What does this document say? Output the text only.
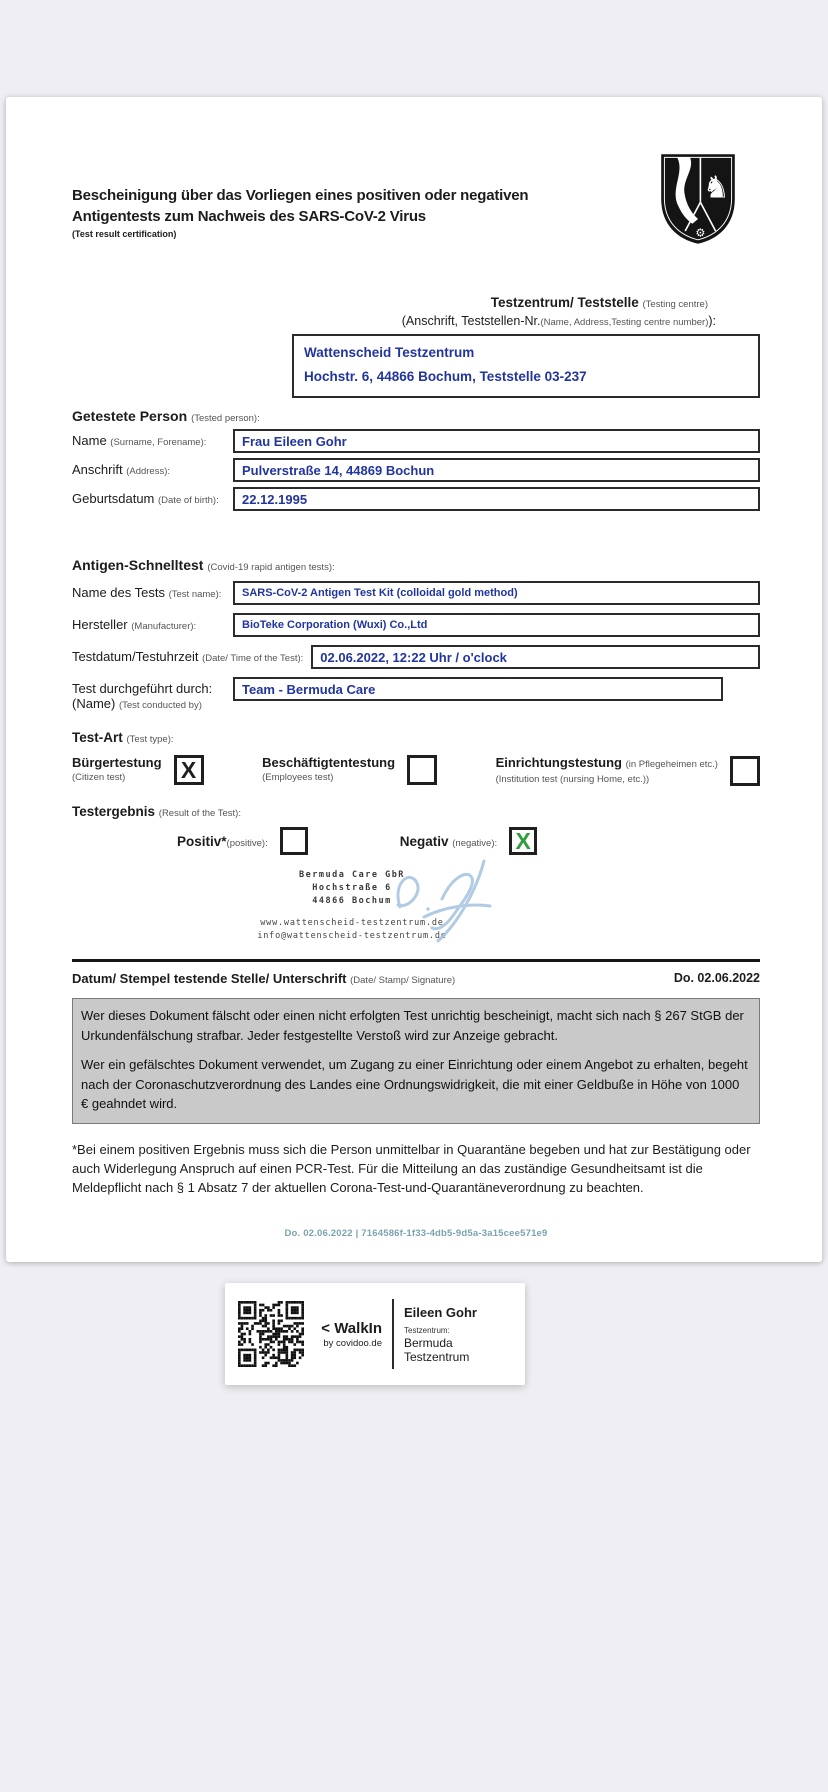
Bescheinigung über das Vorliegen eines positiven oder negativen
Antigentests zum Nachweis des SARS-CoV-2 Virus
(Test result certification)
♞
⚙
Testzentrum/ Teststelle (Testing centre)
(Anschrift, Teststellen-Nr.(Name, Address,Testing centre number)):
Wattenscheid Testzentrum
Hochstr. 6, 44866 Bochum, Teststelle 03-237
Getestete Person (Tested person):
Name (Surname, Forename):	Frau Eileen Gohr
Anschrift (Address):	Pulverstraße 14, 44869 Bochun
Geburtsdatum (Date of birth):	22.12.1995
Antigen-Schnelltest (Covid-19 rapid antigen tests):
Name des Tests (Test name):	SARS-CoV-2 Antigen Test Kit (colloidal gold method)
Hersteller (Manufacturer):	BioTeke Corporation (Wuxi) Co.,Ltd
Testdatum/Testuhrzeit (Date/ Time of the Test):	02.06.2022, 12:22 Uhr / o'clock
Test durchgeführt durch:
(Name) (Test conducted by)
Team - Bermuda Care
Test-Art (Test type):
Bürgertestung
(Citizen test)	X	Beschäftigtentestung
(Employees test)
Einrichtungstestung (in Pflegeheimen etc.)
(Institution test (nursing Home, etc.))
Testergebnis (Result of the Test):
Positiv*(positive):	Negativ (negative): X
Bermuda Care GbR
Hochstraße 6
44866 Bochum
www.wattenscheid-testzentrum.de
info@wattenscheid-testzentrum.de
Datum/ Stempel testende Stelle/ Unterschrift (Date/ Stamp/ Signature)	Do. 02.06.2022

Wer dieses Dokument fälscht oder einen nicht erfolgten Test unrichtig bescheinigt, macht sich nach § 267 StGB der Urkundenfälschung strafbar. Jeder festgestellte Verstoß wird zur Anzeige gebracht.

Wer ein gefälschtes Dokument verwendet, um Zugang zu einer Einrichtung oder einem Angebot zu erhalten, begeht nach der Coronaschutzverordnung des Landes eine Ordnungswidrigkeit, die mit einer Geldbuße in Höhe von 1000 € geahndet wird.

*Bei einem positiven Ergebnis muss sich die Person unmittelbar in Quarantäne begeben und hat zur Bestätigung oder auch Widerlegung Anspruch auf einen PCR-Test. Für die Mitteilung an das zuständige Gesundheitsamt ist die Meldepflicht nach § 1 Absatz 7 der aktuellen Corona-Test-und-Quarantäneverordnung zu beachten.
Do. 02.06.2022 | 7164586f-1f33-4db5-9d5a-3a15cee571e9
< WalkIn
by covidoo.de
Eileen Gohr
Testzentrum:
Bermuda Testzentrum
